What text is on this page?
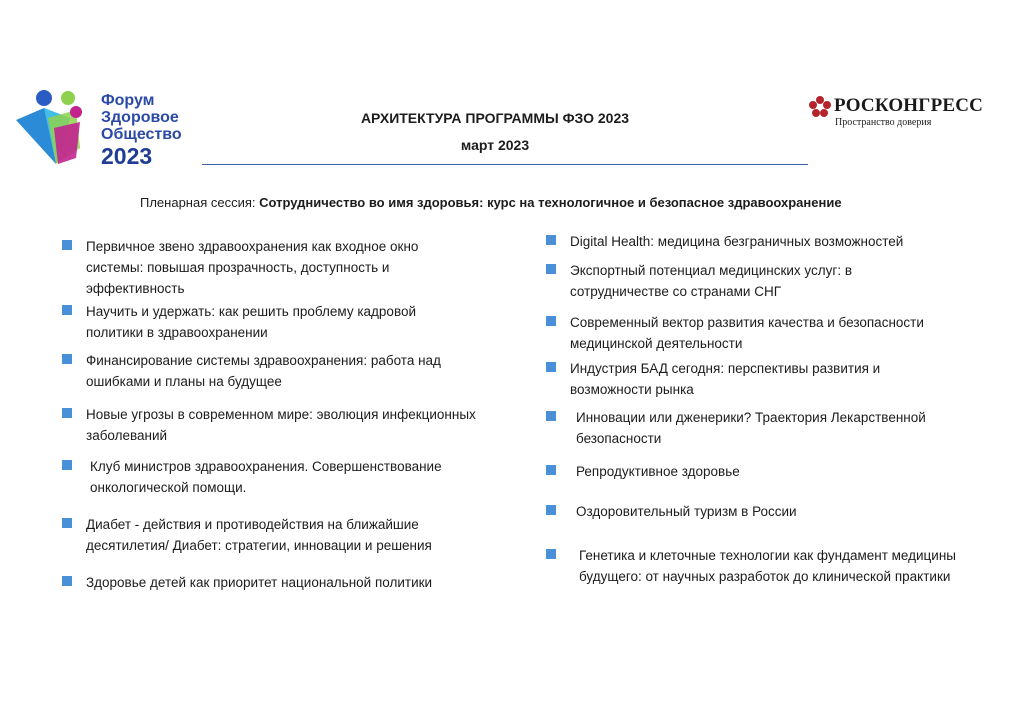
Форум
Здоровое
Общество
2023
РОСКОНГРЕСС
Пространство доверия
АРХИТЕКТУРА ПРОГРАММЫ ФЗО 2023
март 2023
Пленарная сессия: Сотрудничество во имя здоровья: курс на технологичное и безопасное здравоохранение
Первичное звено здравоохранения как входное окно системы: повышая прозрачность, доступность и эффективность
Научить и удержать: как решить проблему кадровой политики в здравоохранении
Финансирование системы здравоохранения: работа над ошибками и планы на будущее
Новые угрозы в современном мире: эволюция инфекционных заболеваний
Клуб министров здравоохранения. Совершенствование онкологической помощи.
Диабет - действия и противодействия на ближайшие десятилетия/ Диабет: стратегии, инновации и решения
Здоровье детей как приоритет национальной политики
Digital Health: медицина безграничных возможностей
Экспортный потенциал медицинских услуг: в сотрудничестве со странами СНГ
Современный вектор развития качества и безопасности медицинской деятельности
Индустрия БАД сегодня: перспективы развития и возможности рынка
Инновации или дженерики? Траектория Лекарственной безопасности
Репродуктивное здоровье
Оздоровительный туризм в России
Генетика и клеточные технологии как фундамент медицины будущего: от научных разработок до клинической практики
